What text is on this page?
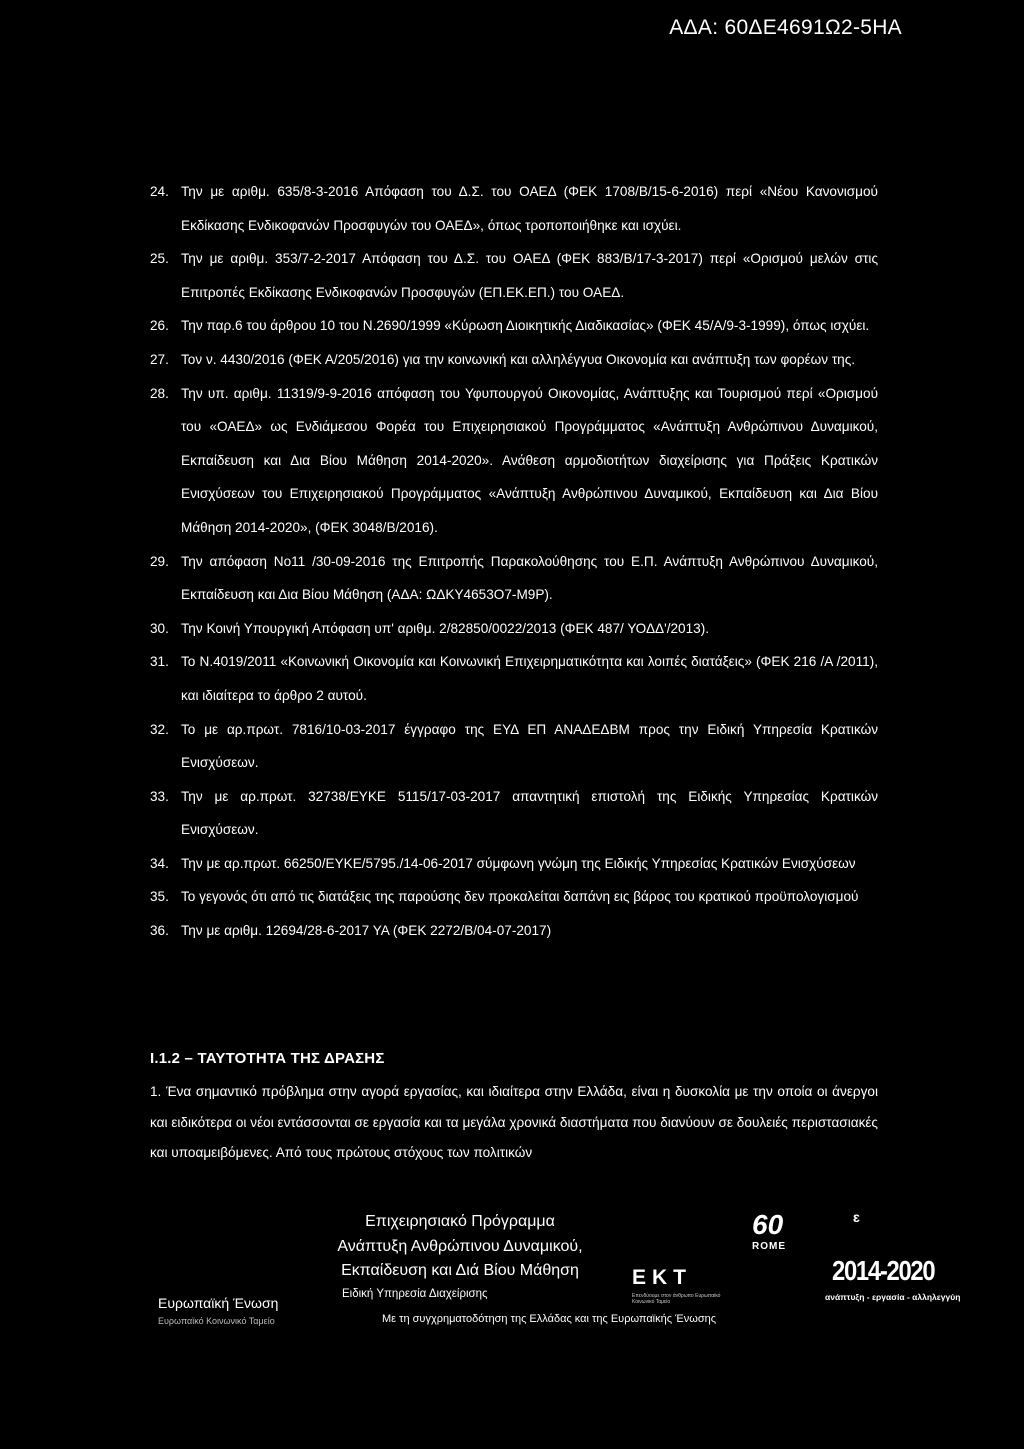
ΑΔΑ: 60ΔΕ4691Ω2-5ΗΑ
24. Την με αριθμ. 635/8-3-2016 Απόφαση του Δ.Σ. του ΟΑΕΔ (ΦΕΚ 1708/Β/15-6-2016) περί «Νέου Κανονισμού Εκδίκασης Ενδικοφανών Προσφυγών του ΟΑΕΔ», όπως τροποποιήθηκε και ισχύει.
25. Την με αριθμ. 353/7-2-2017 Απόφαση του Δ.Σ. του ΟΑΕΔ (ΦΕΚ 883/Β/17-3-2017) περί «Ορισμού μελών στις Επιτροπές Εκδίκασης Ενδικοφανών Προσφυγών (ΕΠ.ΕΚ.ΕΠ.) του ΟΑΕΔ.
26. Την παρ.6 του άρθρου 10 του Ν.2690/1999 «Κύρωση Διοικητικής Διαδικασίας» (ΦΕΚ 45/Α/9-3-1999), όπως ισχύει.
27. Τον ν. 4430/2016 (ΦΕΚ Α/205/2016) για την κοινωνική και αλληλέγγυα Οικονομία και ανάπτυξη των φορέων της.
28. Την υπ. αριθμ. 11319/9-9-2016 απόφαση του Υφυπουργού Οικονομίας, Ανάπτυξης και Τουρισμού περί «Ορισμού του «ΟΑΕΔ» ως Ενδιάμεσου Φορέα του Επιχειρησιακού Προγράμματος «Ανάπτυξη Ανθρώπινου Δυναμικού, Εκπαίδευση και Δια Βίου Μάθηση 2014-2020». Ανάθεση αρμοδιοτήτων διαχείρισης για Πράξεις Κρατικών Ενισχύσεων του Επιχειρησιακού Προγράμματος «Ανάπτυξη Ανθρώπινου Δυναμικού, Εκπαίδευση και Δια Βίου Μάθηση 2014-2020», (ΦΕΚ 3048/Β/2016).
29. Την απόφαση Νο11 /30-09-2016 της Επιτροπής Παρακολούθησης του Ε.Π. Ανάπτυξη Ανθρώπινου Δυναμικού, Εκπαίδευση και Δια Βίου Μάθηση (ΑΔΑ: ΩΔΚΥ4653Ο7-Μ9Ρ).
30. Την Κοινή Υπουργική Απόφαση υπ' αριθμ. 2/82850/0022/2013 (ΦΕΚ 487/ ΥΟΔΔ'/2013).
31. Το Ν.4019/2011 «Κοινωνική Οικονομία και Κοινωνική Επιχειρηματικότητα και λοιπές διατάξεις» (ΦΕΚ 216 /Α /2011), και ιδιαίτερα το άρθρο 2 αυτού.
32. Το με αρ.πρωτ. 7816/10-03-2017 έγγραφο της ΕΥΔ ΕΠ ΑΝΑΔΕΔΒΜ προς την Ειδική Υπηρεσία Κρατικών Ενισχύσεων.
33. Την με αρ.πρωτ. 32738/ΕΥΚΕ 5115/17-03-2017 απαντητική επιστολή της Ειδικής Υπηρεσίας Κρατικών Ενισχύσεων.
34. Την με αρ.πρωτ. 66250/ΕΥΚΕ/5795./14-06-2017 σύμφωνη γνώμη της Ειδικής Υπηρεσίας Κρατικών Ενισχύσεων
35. Το γεγονός ότι από τις διατάξεις της παρούσης δεν προκαλείται δαπάνη εις βάρος του κρατικού προϋπολογισμού
36. Την με αριθμ. 12694/28-6-2017 ΥΑ (ΦΕΚ 2272/Β/04-07-2017)
Ι.1.2 – ΤΑΥΤΟΤΗΤΑ ΤΗΣ ΔΡΑΣΗΣ

1. Ένα σημαντικό πρόβλημα στην αγορά εργασίας, και ιδιαίτερα στην Ελλάδα, είναι η δυσκολία με την οποία οι άνεργοι και ειδικότερα οι νέοι εντάσσονται σε εργασία και τα μεγάλα χρονικά διαστήματα που διανύουν σε δουλειές περιστασιακές και υποαμειβόμενες. Από τους πρώτους στόχους των πολιτικών

Ευρωπαϊκή Ένωση
Ευρωπαϊκό Κοινωνικό Ταμείο
Επιχειρησιακό Πρόγραμμα
Ανάπτυξη Ανθρώπινου Δυναμικού,
Εκπαίδευση και Διά Βίου Μάθηση
Ειδική Υπηρεσία Διαχείρισης
Με τη συγχρηματοδότηση της Ελλάδας και της Ευρωπαϊκής Ένωσης
ΕΚΤ
Επενδύουμε στον άνθρωπο Ευρωπαϊκό Κοινωνικό Ταμείο
60
ROME
ɛ
2014-2020
ανάπτυξη - εργασία - αλληλεγγύη
